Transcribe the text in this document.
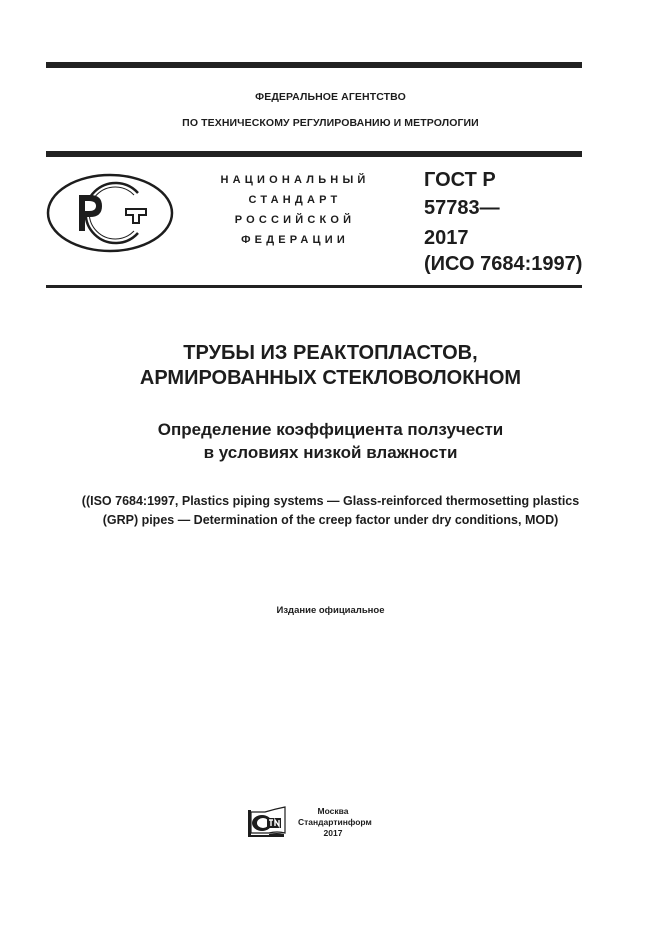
ФЕДЕРАЛЬНОЕ АГЕНТСТВО
ПО ТЕХНИЧЕСКОМУ РЕГУЛИРОВАНИЮ И МЕТРОЛОГИИ
НАЦИОНАЛЬНЫЙ
СТАНДАРТ
РОССИЙСКОЙ
ФЕДЕРАЦИИ
ГОСТ Р
57783—
2017
(ИСО 7684:1997)
ТРУБЫ ИЗ РЕАКТОПЛАСТОВ,
АРМИРОВАННЫХ СТЕКЛОВОЛОКНОМ
Определение коэффициента ползучести
в условиях низкой влажности
((ISO 7684:1997, Plastics piping systems — Glass-reinforced thermosetting plastics
(GRP) pipes — Determination of the creep factor under dry conditions, MOD)
Издание официальное
Москва
Стандартинформ
2017
